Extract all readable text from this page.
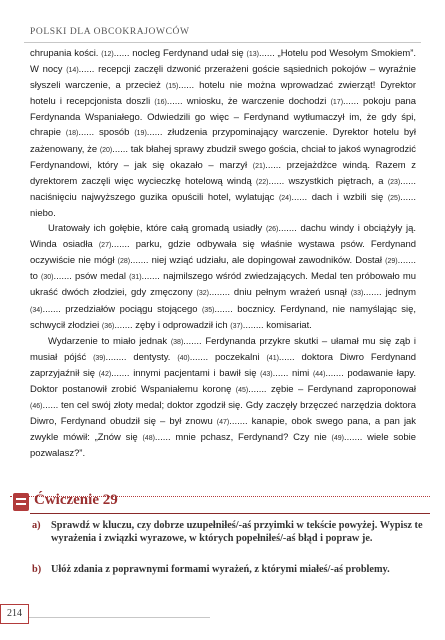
POLSKI DLA OBCOKRAJOWCÓW

chrupania kości. (12)...... nocleg Ferdynand udał się (13)...... „Hotelu pod Wesołym Smokiem”. W nocy (14)...... recepcji zaczęli dzwonić przerażeni goście sąsiednich pokojów – wyraźnie słyszeli warczenie, a przecież (15)...... hotelu nie można wprowadzać zwierząt! Dyrektor hotelu i recepcjonista doszli (16)...... wniosku, że warczenie dochodzi (17)...... pokoju pana Ferdynanda Wspaniałego. Odwiedzili go więc – Ferdynand wytłumaczył im, że gdy śpi, chrapie (18)...... sposób (19)...... złudzenia przypominający warczenie. Dyrektor hotelu był zażenowany, że (20)...... tak błahej sprawy zbudził swego gościa, chciał to jakoś wynagrodzić Ferdynandowi, który – jak się okazało – marzył (21)...... przejażdżce windą. Razem z dyrektorem zaczęli więc wycieczkę hotelową windą (22)...... wszystkich piętrach, a (23)...... naciśnięciu najwyższego guzika opuścili hotel, wylatując (24)...... dach i wzbili się (25)...... niebo.

Uratowały ich gołębie, które całą gromadą usiadły (26)....... dachu windy i obciążyły ją. Winda osiadła (27)....... parku, gdzie odbywała się właśnie wystawa psów. Ferdynand oczywiście nie mógł (28)....... niej wziąć udziału, ale dopingował zawodników. Dostał (29)....... to (30)....... psów medal (31)....... najmilszego wśród zwiedzających. Medal ten próbowało mu ukraść dwóch złodziei, gdy zmęczony (32)........ dniu pełnym wrażeń usnął (33)....... jednym (34)....... przedziałów pociągu stojącego (35)....... bocznicy. Ferdynand, nie namyślając się, schwycił złodziei (36)....... zęby i odprowadził ich (37)........ komisariat.

Wydarzenie to miało jednak (38)....... Ferdynanda przykre skutki – ułamał mu się ząb i musiał pójść (39)........ dentysty. (40)....... poczekalni (41)...... doktora Diwro Ferdynand zaprzyjaźnił się (42)....... innymi pacjentami i bawił się (43)...... nimi (44)....... podawanie łapy. Doktor postanowił zrobić Wspaniałemu koronę (45)....... zębie – Ferdynand zaproponował (46)...... ten cel swój złoty medal; doktor zgodził się. Gdy zaczęły brzęczeć narzędzia doktora Diwro, Ferdynand obudził się – był znowu (47)....... kanapie, obok swego pana, a pan jak zwykle mówił: „Znów się (48)...... mnie pchasz, Ferdynand? Czy nie (49)....... wiele sobie pozwalasz?”.

Ćwiczenie 29
a) Sprawdź w kluczu, czy dobrze uzupełniłeś/-aś przyimki w tekście powyżej. Wypisz te wyrażenia i związki wyrazowe, w których popełniłeś/-aś błąd i popraw je.
b) Ułóż zdania z poprawnymi formami wyrażeń, z którymi miałeś/-aś problemy.
214
